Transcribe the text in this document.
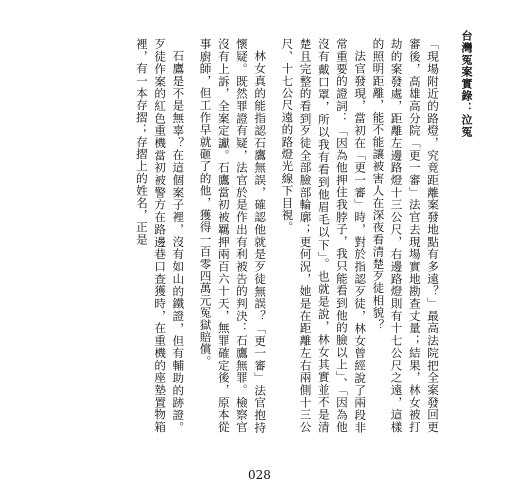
台灣冤案實錄：泣冤

「現場附近的路燈，究竟距離案發地點有多遠？」最高法院把全案發回更審後，高雄高分院「更一審」法官去現場實地勘查丈量；結果，林女被打劫的案發處，距離左邊路燈十三公尺，右邊路燈則有十七公尺之遠，這樣的照明距離，能不能讓被害人在深夜看清楚歹徒相貌？

法官發現，當初在「更一審」時，對於指認歹徒，林女曾經說了兩段非常重要的證詞：「因為他押住我脖子，我只能看到他的臉以上」、「因為他沒有戴口罩，所以我有看到他眉毛以下」。也就是說，林女其實並不是清楚且完整的看到歹徒全部臉部輪廓；更何況，她是在距離左右兩側十三公尺、十七公尺遠的路燈光線下目視。

林女真的能指認石鷹無誤，確認他就是歹徒無誤？「更一審」法官抱持懷疑。既然罪證有疑，法官於是作出有利被告的判決：石鷹無罪。檢察官沒有上訴，全案定讞。石鷹當初被羈押兩百六十天，無罪確定後，原本從事廚師，但工作早就砸了的他，獲得一百零四萬元冤獄賠償。

石鷹是不是無辜？在這個案子裡，沒有如山的鐵證，但有輔助的跡證。歹徒作案的紅色重機當初被警方在路邊巷口查獲時，在重機的座墊置物箱裡，有一本存摺；存摺上的姓名，正是

028
